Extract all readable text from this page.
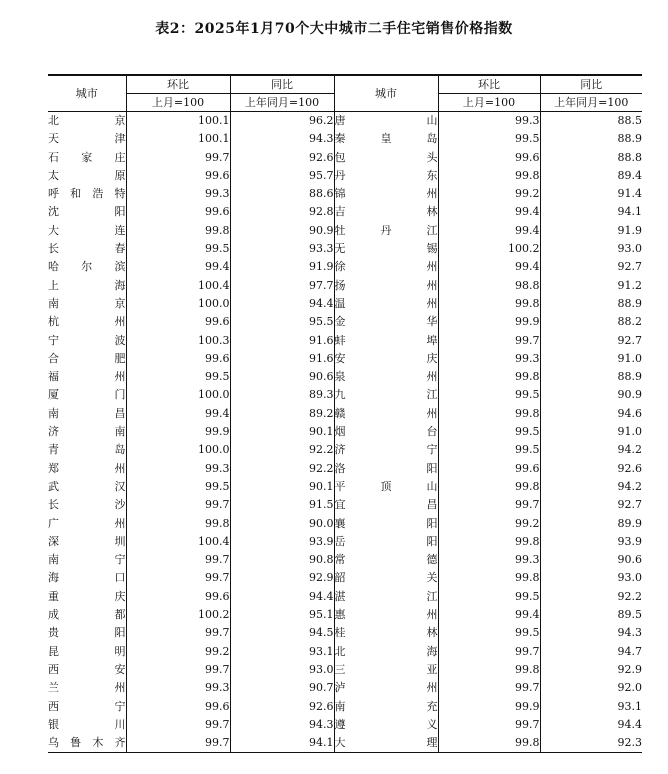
表2：2025年1月70个大中城市二手住宅销售价格指数
城市	环比	同比	城市	环比	同比
	上月=100	上年同月=100		上月=100	上年同月=100
北京	100.1	96.2	唐山	99.3	88.5
天津	100.1	94.3	秦皇岛	99.5	88.9
石家庄	99.7	92.6	包头	99.6	88.8
太原	99.6	95.7	丹东	99.8	89.4
呼和浩特	99.3	88.6	锦州	99.2	91.4
沈阳	99.6	92.8	吉林	99.4	94.1
大连	99.8	90.9	牡丹江	99.4	91.9
长春	99.5	93.3	无锡	100.2	93.0
哈尔滨	99.4	91.9	徐州	99.4	92.7
上海	100.4	97.7	扬州	98.8	91.2
南京	100.0	94.4	温州	99.8	88.9
杭州	99.6	95.5	金华	99.9	88.2
宁波	100.3	91.6	蚌埠	99.7	92.7
合肥	99.6	91.6	安庆	99.3	91.0
福州	99.5	90.6	泉州	99.8	88.9
厦门	100.0	89.3	九江	99.5	90.9
南昌	99.4	89.2	赣州	99.8	94.6
济南	99.9	90.1	烟台	99.5	91.0
青岛	100.0	92.2	济宁	99.5	94.2
郑州	99.3	92.2	洛阳	99.6	92.6
武汉	99.5	90.1	平顶山	99.8	94.2
长沙	99.7	91.5	宜昌	99.7	92.7
广州	99.8	90.0	襄阳	99.2	89.9
深圳	100.4	93.9	岳阳	99.8	93.9
南宁	99.7	90.8	常德	99.3	90.6
海口	99.7	92.9	韶关	99.8	93.0
重庆	99.6	94.4	湛江	99.5	92.2
成都	100.2	95.1	惠州	99.4	89.5
贵阳	99.7	94.5	桂林	99.5	94.3
昆明	99.2	93.1	北海	99.7	94.7
西安	99.7	93.0	三亚	99.8	92.9
兰州	99.3	90.7	泸州	99.7	92.0
西宁	99.6	92.6	南充	99.9	93.1
银川	99.7	94.3	遵义	99.7	94.4
乌鲁木齐	99.7	94.1	大理	99.8	92.3
